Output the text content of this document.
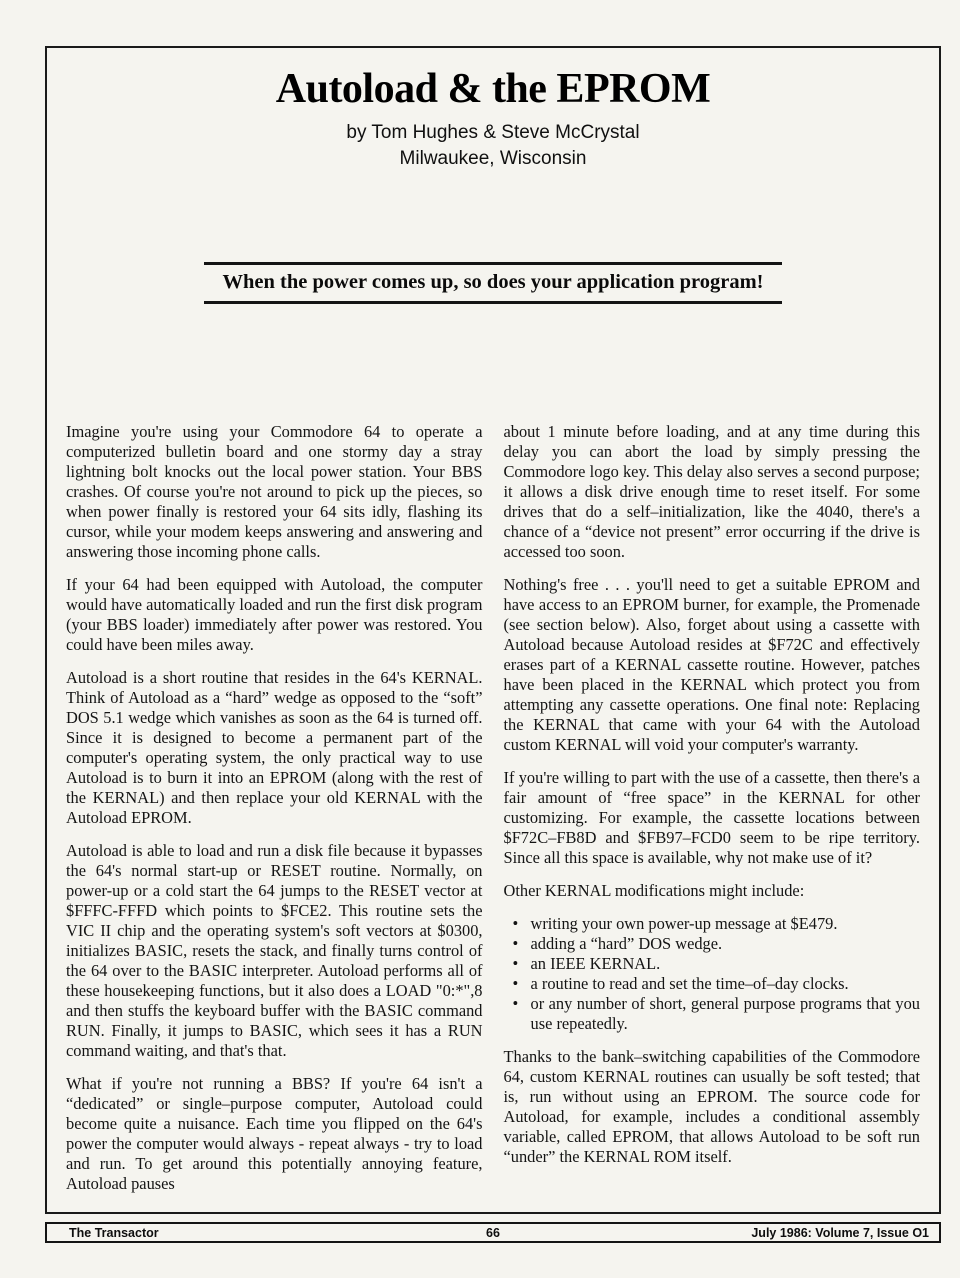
Autoload & the EPROM
by Tom Hughes & Steve McCrystal
Milwaukee, Wisconsin
When the power comes up, so does your application program!

Imagine you're using your Commodore 64 to operate a computerized bulletin board and one stormy day a stray lightning bolt knocks out the local power station. Your BBS crashes. Of course you're not around to pick up the pieces, so when power finally is restored your 64 sits idly, flashing its cursor, while your modem keeps answering and answering and answering those incoming phone calls.

If your 64 had been equipped with Autoload, the computer would have automatically loaded and run the first disk program (your BBS loader) immediately after power was restored. You could have been miles away.

Autoload is a short routine that resides in the 64's KERNAL. Think of Autoload as a “hard” wedge as opposed to the “soft” DOS 5.1 wedge which vanishes as soon as the 64 is turned off. Since it is designed to become a permanent part of the computer's operating system, the only practical way to use Autoload is to burn it into an EPROM (along with the rest of the KERNAL) and then replace your old KERNAL with the Autoload EPROM.

Autoload is able to load and run a disk file because it bypasses the 64's normal start-up or RESET routine. Normally, on power-up or a cold start the 64 jumps to the RESET vector at $FFFC-FFFD which points to $FCE2. This routine sets the VIC II chip and the operating system's soft vectors at $0300, initializes BASIC, resets the stack, and finally turns control of the 64 over to the BASIC interpreter. Autoload performs all of these housekeeping functions, but it also does a LOAD "0:*",8 and then stuffs the keyboard buffer with the BASIC command RUN. Finally, it jumps to BASIC, which sees it has a RUN command waiting, and that's that.

What if you're not running a BBS? If you're 64 isn't a “dedicated” or single–purpose computer, Autoload could become quite a nuisance. Each time you flipped on the 64's power the computer would always - repeat always - try to load and run. To get around this potentially annoying feature, Autoload pauses

about 1 minute before loading, and at any time during this delay you can abort the load by simply pressing the Commodore logo key. This delay also serves a second purpose; it allows a disk drive enough time to reset itself. For some drives that do a self–initialization, like the 4040, there's a chance of a “device not present” error occurring if the drive is accessed too soon.

Nothing's free . . . you'll need to get a suitable EPROM and have access to an EPROM burner, for example, the Promenade (see section below). Also, forget about using a cassette with Autoload because Autoload resides at $F72C and effectively erases part of a KERNAL cassette routine. However, patches have been placed in the KERNAL which protect you from attempting any cassette operations. One final note: Replacing the KERNAL that came with your 64 with the Autoload custom KERNAL will void your computer's warranty.

If you're willing to part with the use of a cassette, then there's a fair amount of “free space” in the KERNAL for other customizing. For example, the cassette locations between $F72C–FB8D and $FB97–FCD0 seem to be ripe territory. Since all this space is available, why not make use of it?

Other KERNAL modifications might include:

• writing your own power-up message at $E479.
• adding a “hard” DOS wedge.
• an IEEE KERNAL.
• a routine to read and set the time–of–day clocks.
• or any number of short, general purpose programs that you use repeatedly.

Thanks to the bank–switching capabilities of the Commodore 64, custom KERNAL routines can usually be soft tested; that is, run without using an EPROM. The source code for Autoload, for example, includes a conditional assembly variable, called EPROM, that allows Autoload to be soft run “under” the KERNAL ROM itself.

The Transactor	66	July 1986: Volume 7, Issue O1
